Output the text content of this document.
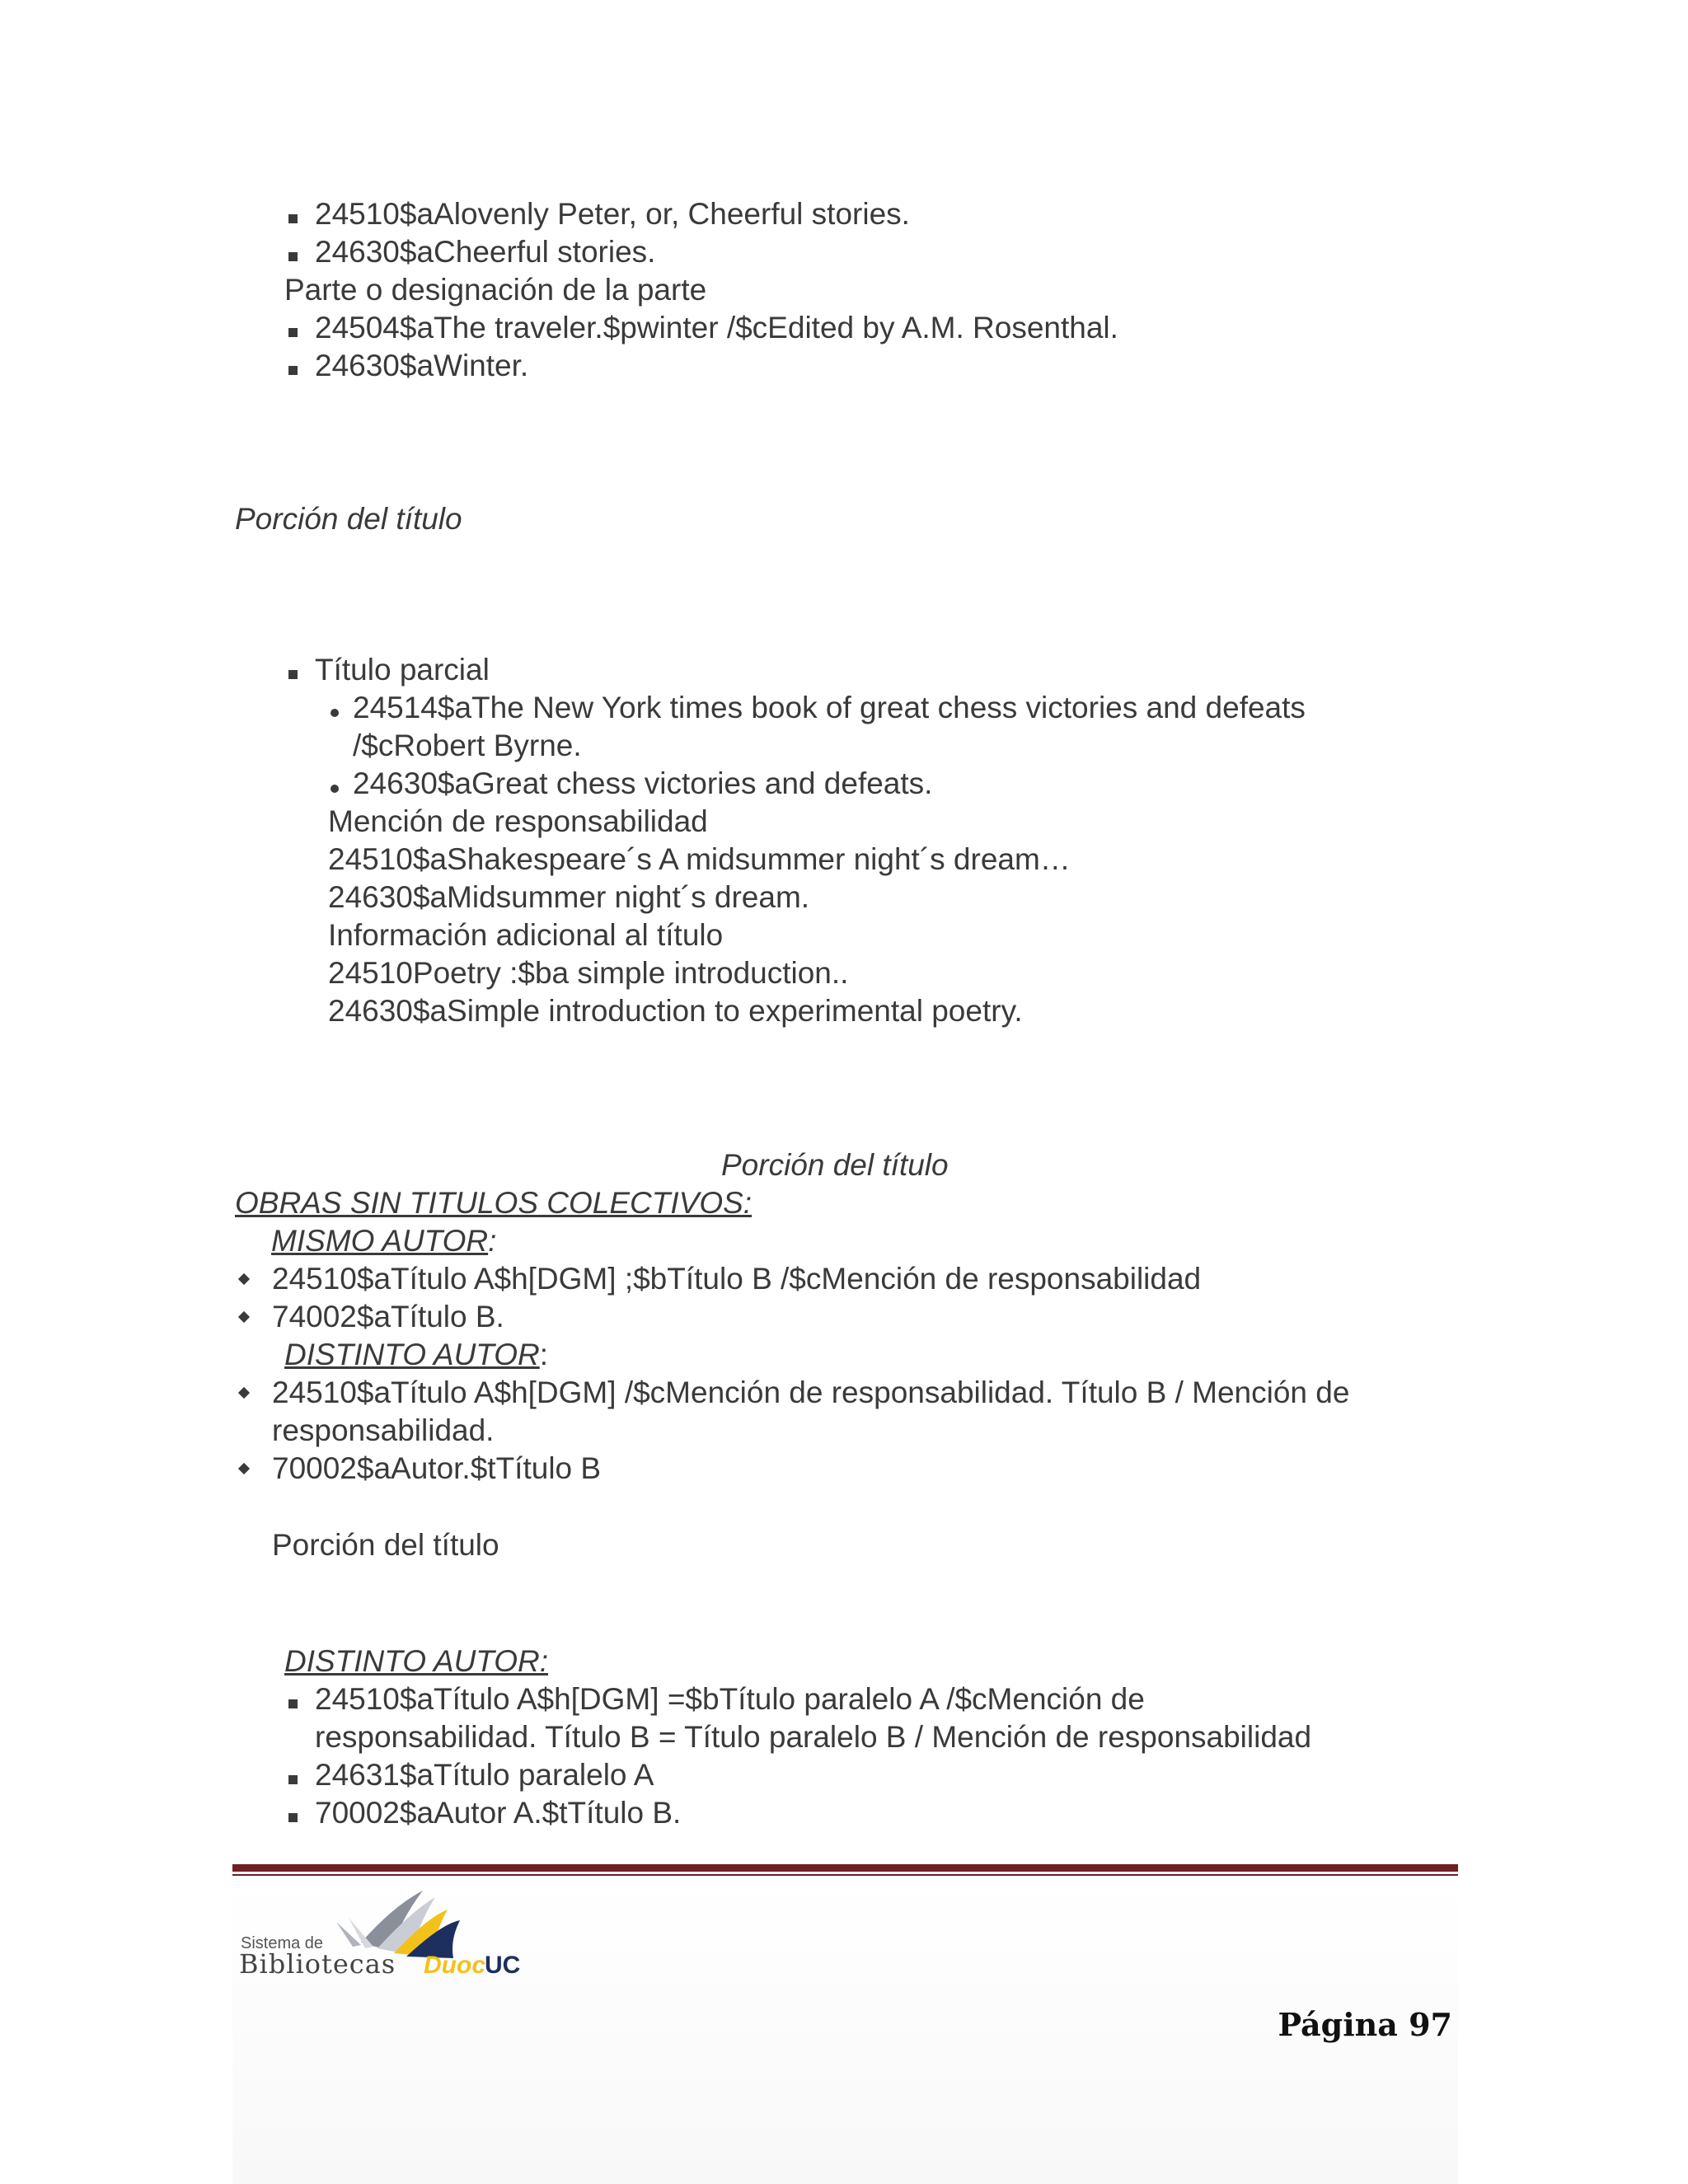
24510$aAlovenly Peter, or, Cheerful stories.
24630$aCheerful stories.
Parte o designación de la parte
24504$aThe traveler.$pwinter /$cEdited by A.M. Rosenthal.
24630$aWinter.
Porción del título
Título parcial
24514$aThe New York times book of great chess victories and defeats
/$cRobert Byrne.
24630$aGreat chess victories and defeats.
Mención de responsabilidad
24510$aShakespeare´s A midsummer night´s dream…
24630$aMidsummer night´s dream.
Información adicional al título
24510Poetry :$ba simple introduction..
24630$aSimple introduction to experimental poetry.
Porción del título
OBRAS SIN TITULOS COLECTIVOS:
MISMO AUTOR:
24510$aTítulo A$h[DGM] ;$bTítulo B /$cMención de responsabilidad
74002$aTítulo B.
DISTINTO AUTOR:
24510$aTítulo A$h[DGM] /$cMención de responsabilidad. Título B / Mención de
responsabilidad.
70002$aAutor.$tTítulo B
Porción del título
DISTINTO AUTOR:
24510$aTítulo A$h[DGM] =$bTítulo paralelo A /$cMención de
responsabilidad. Título B = Título paralelo B / Mención de responsabilidad
24631$aTítulo paralelo A
70002$aAutor A.$tTítulo B.
Sistema de
Bibliotecas Duoc UC
Página 97
